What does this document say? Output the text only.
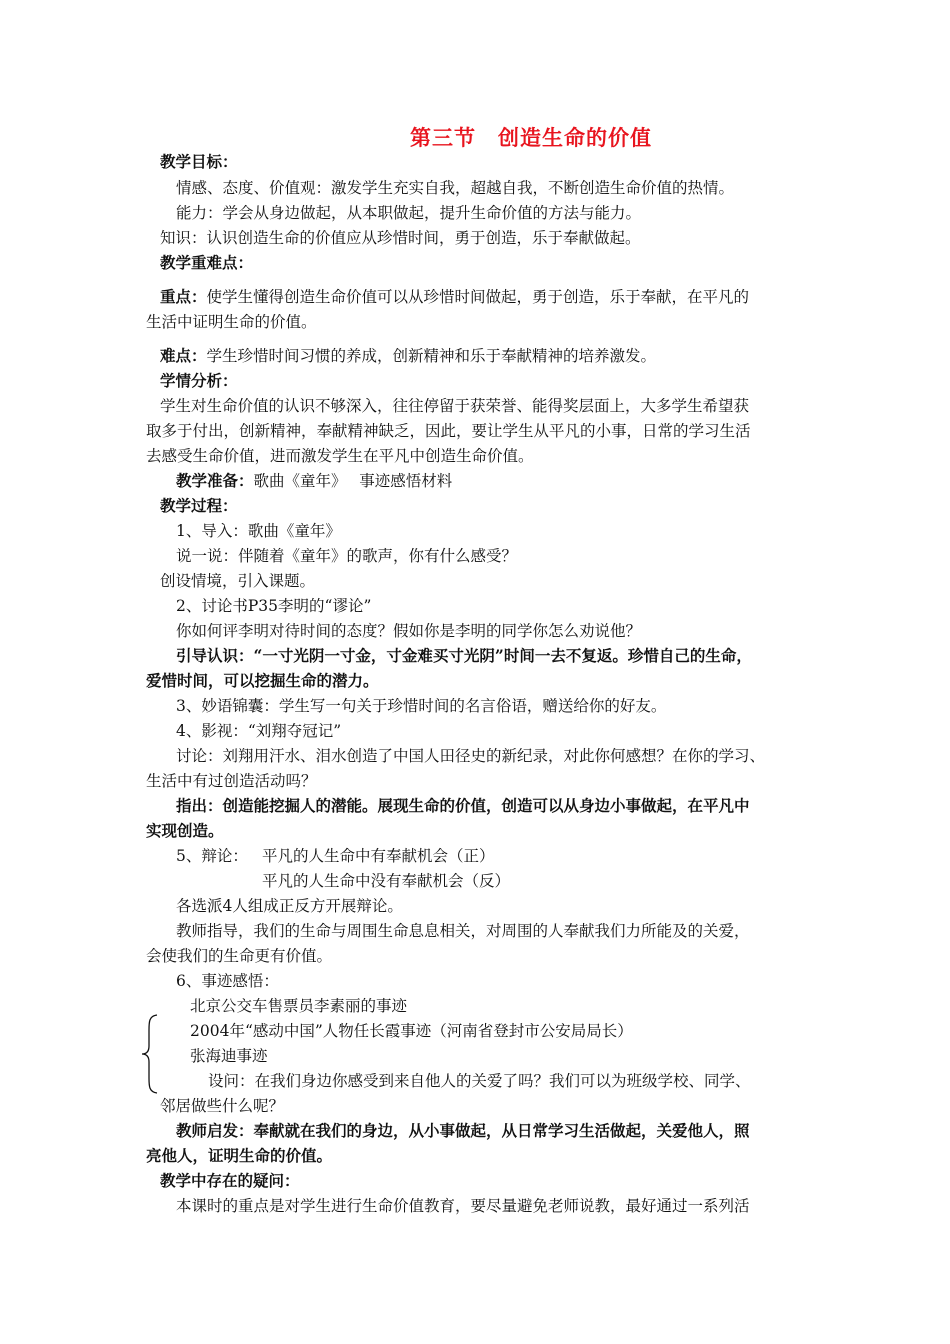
第三节　创造生命的价值
教学目标：
情感、态度、价值观：激发学生充实自我，超越自我，不断创造生命价值的热情。
能力：学会从身边做起，从本职做起，提升生命价值的方法与能力。
知识：认识创造生命的价值应从珍惜时间，勇于创造，乐于奉献做起。
教学重难点：
重点：使学生懂得创造生命价值可以从珍惜时间做起，勇于创造，乐于奉献，在平凡的
生活中证明生命的价值。
难点：学生珍惜时间习惯的养成，创新精神和乐于奉献精神的培养激发。
学情分析：
学生对生命价值的认识不够深入，往往停留于获荣誉、能得奖层面上，大多学生希望获
取多于付出，创新精神，奉献精神缺乏，因此，要让学生从平凡的小事，日常的学习生活
去感受生命价值，进而激发学生在平凡中创造生命价值。
教学准备：歌曲《童年》　 事迹感悟材料
教学过程：
1、导入：歌曲《童年》
说一说：伴随着《童年》的歌声，你有什么感受？
创设情境，引入课题。
2、讨论书P35李明的“谬论”
你如何评李明对待时间的态度？假如你是李明的同学你怎么劝说他？
引导认识：“一寸光阴一寸金，寸金难买寸光阴”时间一去不复返。珍惜自己的生命，
爱惜时间，可以挖掘生命的潜力。
3、妙语锦囊：学生写一句关于珍惜时间的名言俗语，赠送给你的好友。
4、影视：“刘翔夺冠记”
讨论：刘翔用汗水、泪水创造了中国人田径史的新纪录，对此你何感想？在你的学习、
生活中有过创造活动吗？
指出：创造能挖掘人的潜能。展现生命的价值，创造可以从身边小事做起，在平凡中
实现创造。
5、辩论： 平凡的人生命中有奉献机会（正）
平凡的人生命中没有奉献机会（反）
各选派4人组成正反方开展辩论。
教师指导，我们的生命与周围生命息息相关，对周围的人奉献我们力所能及的关爱，
会使我们的生命更有价值。
6、事迹感悟：
北京公交车售票员李素丽的事迹
2004年“感动中国”人物任长霞事迹（河南省登封市公安局局长）
张海迪事迹
设问：在我们身边你感受到来自他人的关爱了吗？我们可以为班级学校、同学、
邻居做些什么呢？
教师启发：奉献就在我们的身边，从小事做起，从日常学习生活做起，关爱他人，照
亮他人，证明生命的价值。
教学中存在的疑问：
本课时的重点是对学生进行生命价值教育，要尽量避免老师说教，最好通过一系列活
